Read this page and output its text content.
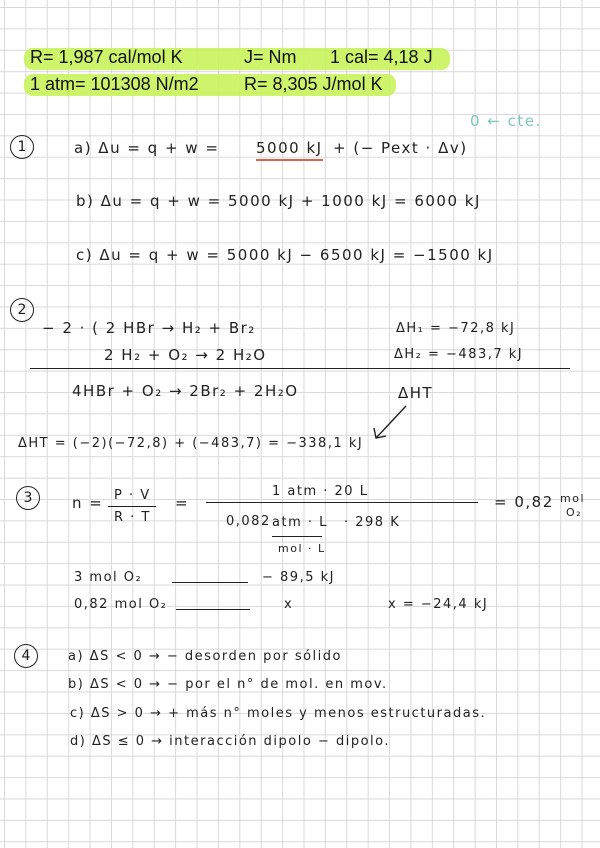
R= 1,987 cal/mol K	J= Nm 1 cal= 4,18 J
1 atm= 101308 N/m2	R= 8,305 J/mol K
0 ← cte.
1	a) Δu = q + w = 5000 kJ + (− Pext · Δv)
b) Δu = q + w = 5000 kJ + 1000 kJ = 6000 kJ
c) Δu = q + w = 5000 kJ − 6500 kJ = −1500 kJ
2
− 2 · ( 2 HBr → H₂ + Br₂
2 H₂ + O₂ → 2 H₂O
ΔH₁ = −72,8 kJ
ΔH₂ = −483,7 kJ
4HBr + O₂ → 2Br₂ + 2H₂O	ΔHT
ΔHT = (−2)(−72,8) + (−483,7) = −338,1 kJ
3	n = P · V
R · T
=
1 atm · 20 L
0,082 atm · L · 298 K
mol · L
= 0,82 mol
O₂
3 mol O₂	− 89,5 kJ
0,82 mol O₂	x	x = −24,4 kJ
4	a) ΔS < 0 → − desorden por sólido
b) ΔS < 0 → − por el n° de mol. en mov.
c) ΔS > 0 → + más n° moles y menos estructuradas.
d) ΔS ≤ 0 → interacción dipolo − dipolo.
